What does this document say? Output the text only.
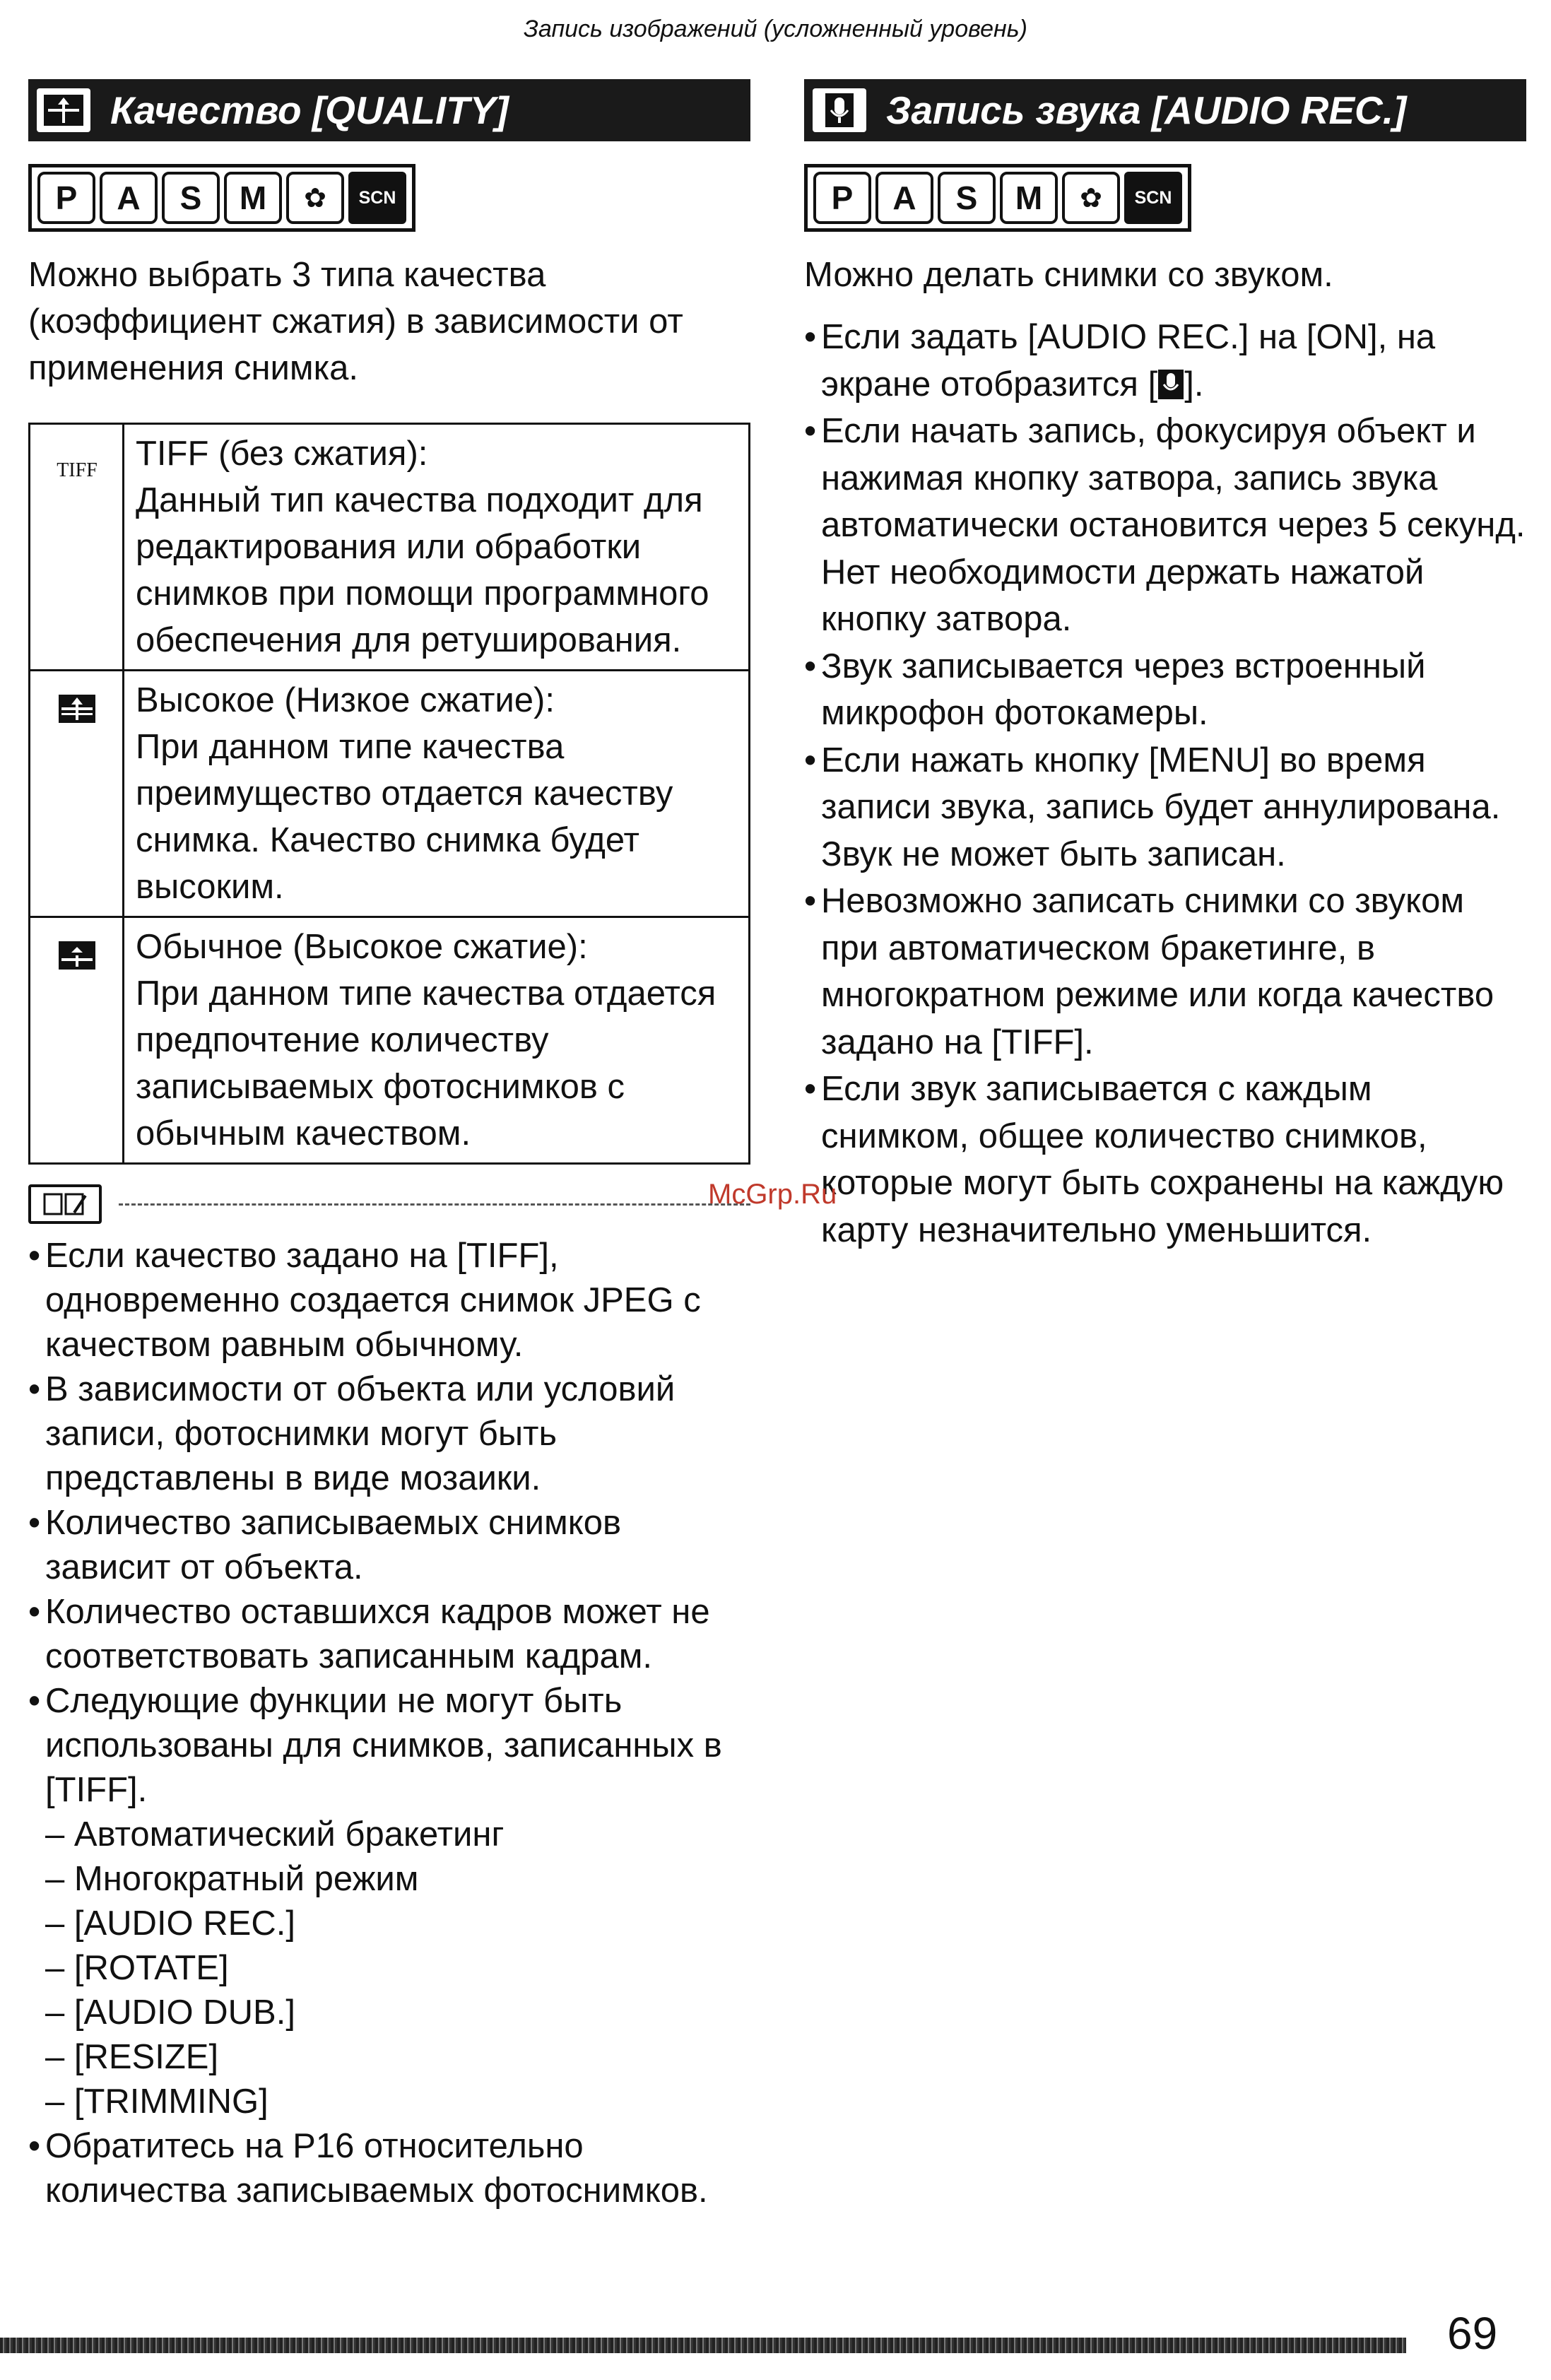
Запись изображений (усложненный уровень)
Качество [QUALITY]
P	A	S	M	✿	SCN
Можно выбрать 3 типа качества (коэффициент сжатия) в зависимости от применения снимка.
TIFF	TIFF (без сжатия):
Данный тип качества подходит для редактирования или обработки снимков при помощи программного обеспечения для ретуширования.

Высокое (Низкое сжатие):
При данном типе качества преимущество отдается качеству снимка. Качество снимка будет высоким.

Обычное (Высокое сжатие):
При данном типе качества отдается предпочтение количеству записываемых фотоснимков с обычным качеством.
• Если качество задано на [TIFF], одновременно создается снимок JPEG с качеством равным обычному.
• В зависимости от объекта или условий записи, фотоснимки могут быть представлены в виде мозаики.
• Количество записываемых снимков зависит от объекта.
• Количество оставшихся кадров может не соответствовать записанным кадрам.
• Следующие функции не могут быть использованы для снимков, записанных в [TIFF].
– Автоматический бракетинг
– Многократный режим
– [AUDIO REC.]
– [ROTATE]
– [AUDIO DUB.]
– [RESIZE]
– [TRIMMING]
• Обратитесь на P16 относительно количества записываемых фотоснимков.
Запись звука [AUDIO REC.]
P	A	S	M	✿	SCN
Можно делать снимки со звуком.
• Если задать [AUDIO REC.] на [ON], на экране отобразится [ ].
• Если начать запись, фокусируя объект и нажимая кнопку затвора, запись звука автоматически остановится через 5 секунд. Нет необходимости держать нажатой кнопку затвора.
• Звук записывается через встроенный микрофон фотокамеры.
• Если нажать кнопку [MENU] во время записи звука, запись будет аннулирована. Звук не может быть записан.
• Невозможно записать снимки со звуком при автоматическом бракетинге, в многократном режиме или когда качество задано на [TIFF].
• Если звук записывается с каждым снимком, общее количество снимков, которые могут быть сохранены на каждую карту незначительно уменьшится.
McGrp.Ru
69
